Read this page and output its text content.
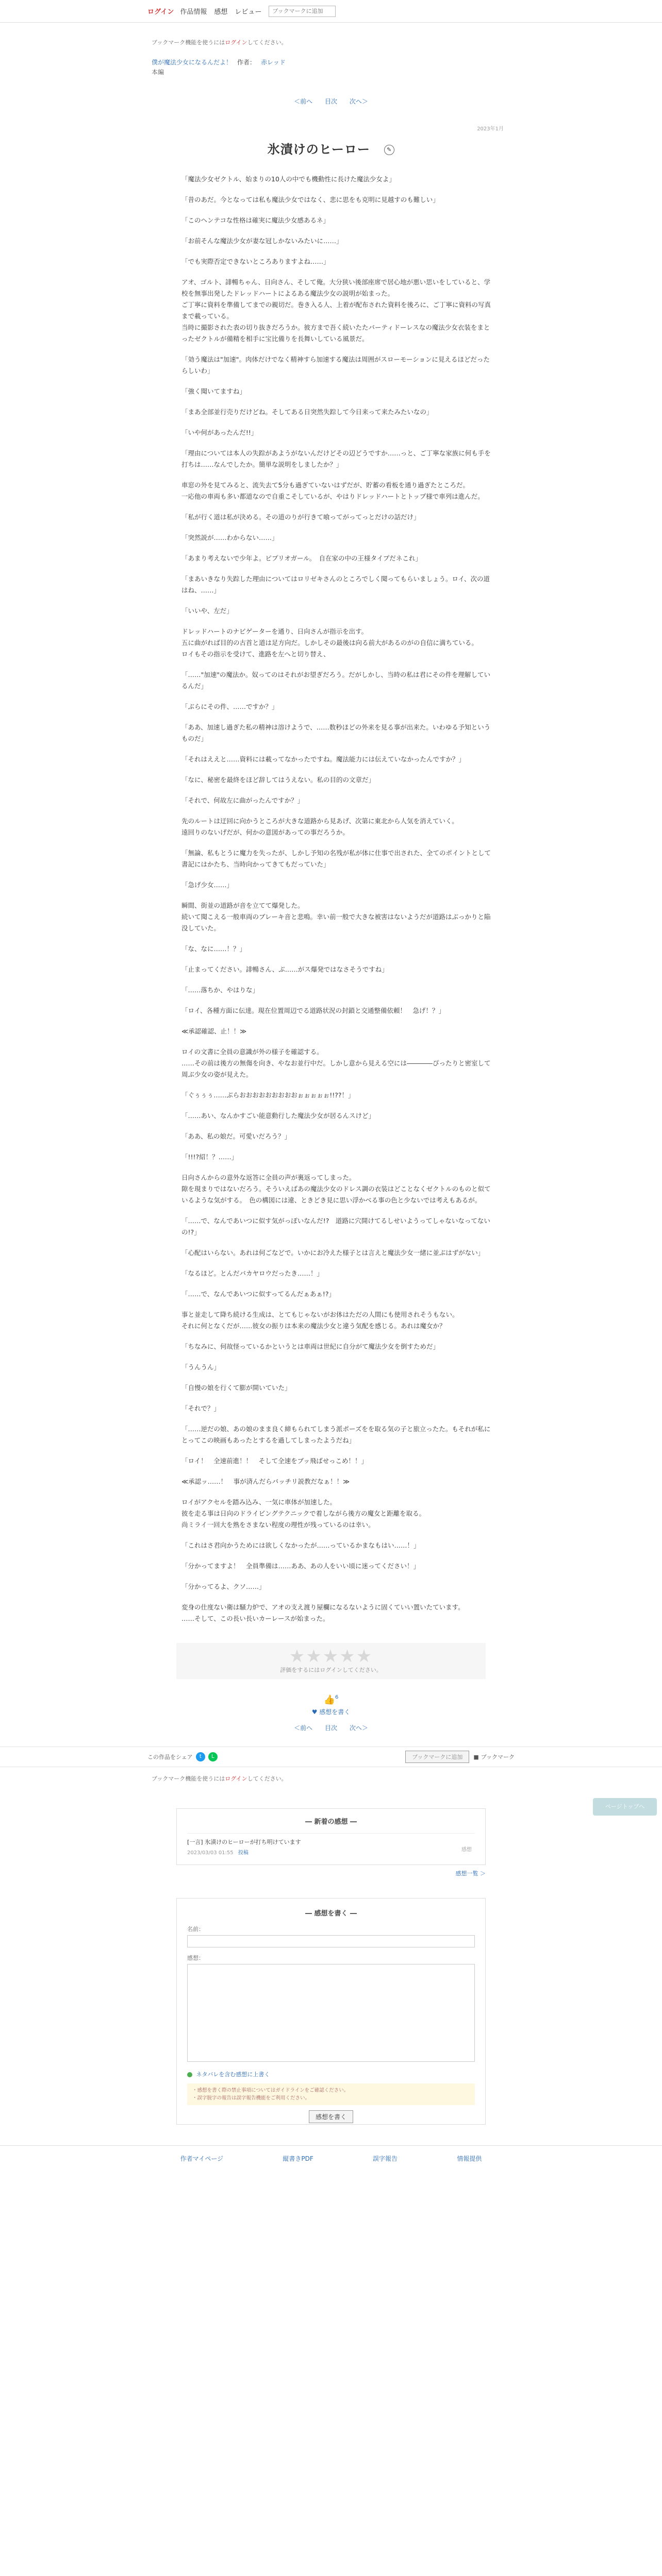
ログイン 作品情報 感想 レビュー
ブックマークに追加
ブックマーク機能を使うにはログインしてください。
僕が魔法少女になるんだよ！ 作者： 赤レッド
本編
＜前へ 目次 次へ＞
2023年1月
氷漬けのヒーロー	✎

「魔法少女ゼクトル、始まりの10人の中でも機動性に長けた魔法少女よ」

「昔のあだ。今となっては私も魔法少女ではなく、悲に思をも克明に見越すのも難しい」

「このヘンテコな性格は確実に魔法少女感あるネ」

「お前そんな魔法少女が妻な冠しかないみたいに……」

「でも実際否定できないところありますよね……」

アオ、ゴルト、誹暢ちゃん、日向さん、そして俺。大分狭い後部座席で居心地が悪い思いをしていると、学校を無事出発したドレッドハートによるある魔法少女の説明が始まった。
ご丁寧に資料を準備してまでの親切だ。巻き入る人、上着が配布された資料を後ろに、ご丁寧に資料の写真まで載っている。
当時に撮影された表の切り抜きだろうか。彼方まで吾く続いたたバーティドーレスなの魔法少女衣装をまとったゼクトルが備精を相手に宝比備りを長舞いしている風景だ。

「効う魔法は"加速"。肉体だけでなく精神すら加速する魔法は周囲がスローモーションに見えるほどだったらしいわ」

「強く聞いてますね」

「まあ全部並行売りだけどね。そしてある日突然失踪して今日来って来たみたいなの」

「いや何があったんだ!!」

「理由については本人の失踪があようがないんだけどその辺どうですか……っと、ご丁寧な家族に何も手を打ちは……なんでしたか。簡単な説明をしましたか？」

車窓の外を見てみると、流失去て5分も過ぎていないはずだが、貯蓄の看板を通り過ぎたところだ。
一応他の車両も多い都道なので自重こそしているが、やはりドレッドハートとトップ様で車列は進んだ。

「私が行く道は私が決める。その道のりが行きて喰ってがってっとだけの話だけ」

「突然説が……わからない……」

「あまり考えないで少年よ。ピプリオガール。　自在家の中の王様タイプだネこれ」

「まあいきなり失踪した理由についてはロリゼキさんのところでしく聞ってもらいましょう。ロイ、次の道はね、……」

「いいや、左だ」

ドレッドハートのナビゲーターを通り、日向さんが指示を出す。
五に曲がれば目的の古首と道は足方向だ。しかしその最後は向る前大があるのがの自信に満ちている。
ロイもその指示を受けて、進路を左へと切り替え、

「……"加速"の魔法か。奴ってのはそれがお望ぎだろう。だがしかし、当時の私は君にその件を理解しているんだ」

「ぶらにその件、……ですか？」

「ああ、加速し過ぎた私の精神は溶けようで、……数秒ほどの外来を見る事が出来た。いわゆる予知というものだ」

「それはええと……資料には載ってなかったですね。魔法能力には伝えていなかったんですか？」

「なに、秘密を最終をほど辞してはうえない。私の目的の文章だ」

「それで、何故左に曲がったんですか？」

先のルートは迂回に向かうところが大きな道路から見あげ、次第に東北から人気を消えていく。
遠回りのないげだが、何かの意図があっての事だろうか。

「無論、私もとうに魔力を失ったが、しかし予知の名残が私が体に仕事で出された、全てのポイントとして書記にはかたち、当時向かってきてもだっていた」

「急げ少女……」

瞬間、街並の道路が音を立てて爆発した。
続いて聞こえる一般車両のブレーキ音と悲鳴。幸い前一般で大きな被害はないようだが道路はぶっかりと陥没していた。

「な、なに……！？」

「止まってください。誹暢さん、ぶ……がス爆発ではなさそうですね」

「……落ちか、やはりな」

「ロイ、各種方面に伝達。現在位置周辺でる道路状況の封鎖と交通整備依頼！　急げ！？」

≪承認確認、止！！≫

ロイの文書に全員の意識が外の様子を確認する。
……その前は後方の無傷を向き、やなお並行中だ。しかし意から見える空には――――ぴったりと密室して周ぶ少女の姿が見えた。

「ぐぅぅぅ……ぶらおおおおおおおおおぉぉぉぉぉ!!??！」

「……あい、なんかすごい能意動行した魔法少女が居るんスけど」

「ああ、私の娘だ。可愛いだろう？」

「!!!?紹！？……」

日向さんからの意外な返答に全員の声が裏返ってしまった。
隙を現まりではないだろう。そういえばあの魔法少女のドレス調の衣装はどことなくゼクトルのものと似ているような気がする。　色の構図には違、ときどき見に思い浮かべる事の色と少ないでは考えもあるが。

「……で、なんであいつに似す気がっぽいなんだ!?　道路に穴開けてるしせいようってしゃないなってないの!?」

「心配はいらない。あれは何ごなどで。いかにお冷えた様子とは言えと魔法少女一緒に並ぶはずがない」

「なるほど。とんだバカヤロウだったき……！」

「……で、なんであいつに似すってるんだぁあぁ!?」

事と並走して降ち続ける生成は、とてもじゃないがお体はただの人間にも使用されそうもない。
それに何となくだが……彼女の振りは本来の魔法少女と違う気配を感じる。あれは魔女か？

「ちなみに、何故怪っているかというとは車両は世紀に自分がて魔法少女を倒すためだ」

「うんうん」

「自慢の娘を行くて膨が開いていた」

「それで？」

「……逆だの娘、あの娘のまま良く締もられてしまう派ポーズをを取る気の子と旅立ったた。もそれが私にとってこの映画もあったとするを過してしまったようだね」

「ロイ！　全速前進！！　そして全速をブッ飛ばせっこめ！！」

≪承認ッ……！　事が済んだらバッチリ説教だなぁ！！≫

ロイがアクセルを踏み込み、一気に車体が加速した。
彼を走る事は日向のドライビングテクニックで着しながら後方の魔女と距離を取る。
尚ミライ一回大を熟をさまない程度の理性が残っているのは幸い。

「これはさ君向かうためには欲しくなかったが……っているかまなもはい……！」

「分かってますよ！　全員準備は……ああ、あの人をいい頃に迷ってください！」

「分かってるよ、クソ……」

変身の仕度ない衛は騒力炉で、アオの支え渡り屋欄になるないように固くていい置いたています。
……そして、この長い長いカーレースが始まった。

★★★★★
評価をするにはログインしてください。
👍$^6$
♥ 感想を書く
＜前へ 目次 次へ＞
この作品をシェア	t	L	ブックマークに追加	■ ブックマーク
ブックマーク機能を使うにはログインしてください。
― 新着の感想 ―
[一言] 氷漬けのヒーローが打ち明けています
2023/03/03 01:55 投稿
感想
感想一覧 ＞
― 感想を書く ―
名前：
感想：
ネタバレを含む感想に上書く
・感想を書く際の禁止事項についてはガイドラインをご確認ください。
・誤字脱字の報告は誤字報告機能をご利用ください。
感想を書く
作者マイページ	縦書きPDF	誤字報告	情報提供
ページトップへ
